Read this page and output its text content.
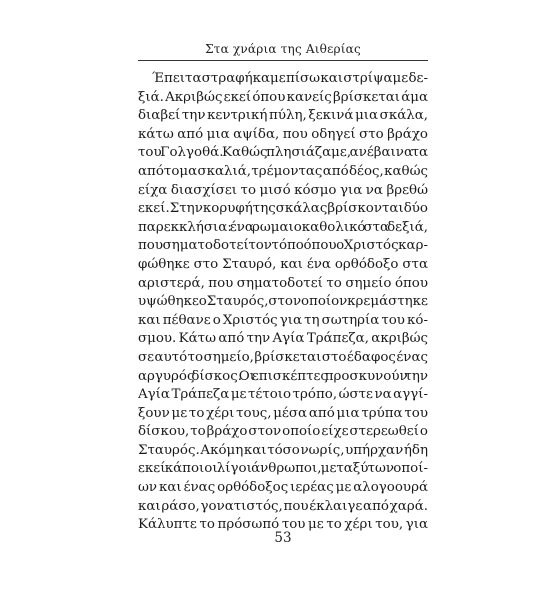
Στα χνάρια της Αιθερίας
Έπειτα στραφήκαμε πίσω και στρίψαμε δε-
ξιά. Ακριβώς εκεί όπου κανείς βρίσκεται άμα
διαβεί την κεντρική πύλη, ξεκινά μια σκάλα,
κάτω από μια αψίδα, που οδηγεί στο βράχο
του Γολγοθά. Καθώς πλησιάζαμε, ανέβαινα τα
απότομα σκαλιά, τρέμοντας από δέος, καθώς
είχα διασχίσει το μισό κόσμο για να βρεθώ
εκεί. Στην κορυφή της σκάλας βρίσκονται δύο
παρεκκλήσια: ένα ρωμαιοκαθολικό στα δεξιά,
που σηματοδοτεί τον τόπο όπου ο Χριστός καρ-
φώθηκε στο Σταυρό, και ένα ορθόδοξο στα
αριστερά, που σηματοδοτεί το σημείο όπου
υψώθηκε ο Σταυρός, στον οποίον κρεμάστηκε
και πέθανε ο Χριστός για τη σωτηρία του κό-
σμου. Κάτω από την Αγία Τράπεζα, ακριβώς
σε αυτό το σημείο, βρίσκεται στο έδαφος ένας
αργυρός δίσκος. Οι επισκέπτες προσκυνούν την
Αγία Τράπεζα με τέτοιο τρόπο, ώστε να αγγί-
ξουν με το χέρι τους, μέσα από μια τρύπα του
δίσκου, το βράχο στον οποίο είχε στερεωθεί ο
Σταυρός. Ακόμη και τόσο νωρίς, υπήρχαν ήδη
εκεί κάποιοι λίγοι άνθρωποι, μεταξύ των οποί-
ων και ένας ορθόδοξος ιερέας με αλογοουρά
και ράσο, γονατιστός, που έκλαιγε από χαρά.
Κάλυπτε το πρόσωπό του με το χέρι του, για
53
